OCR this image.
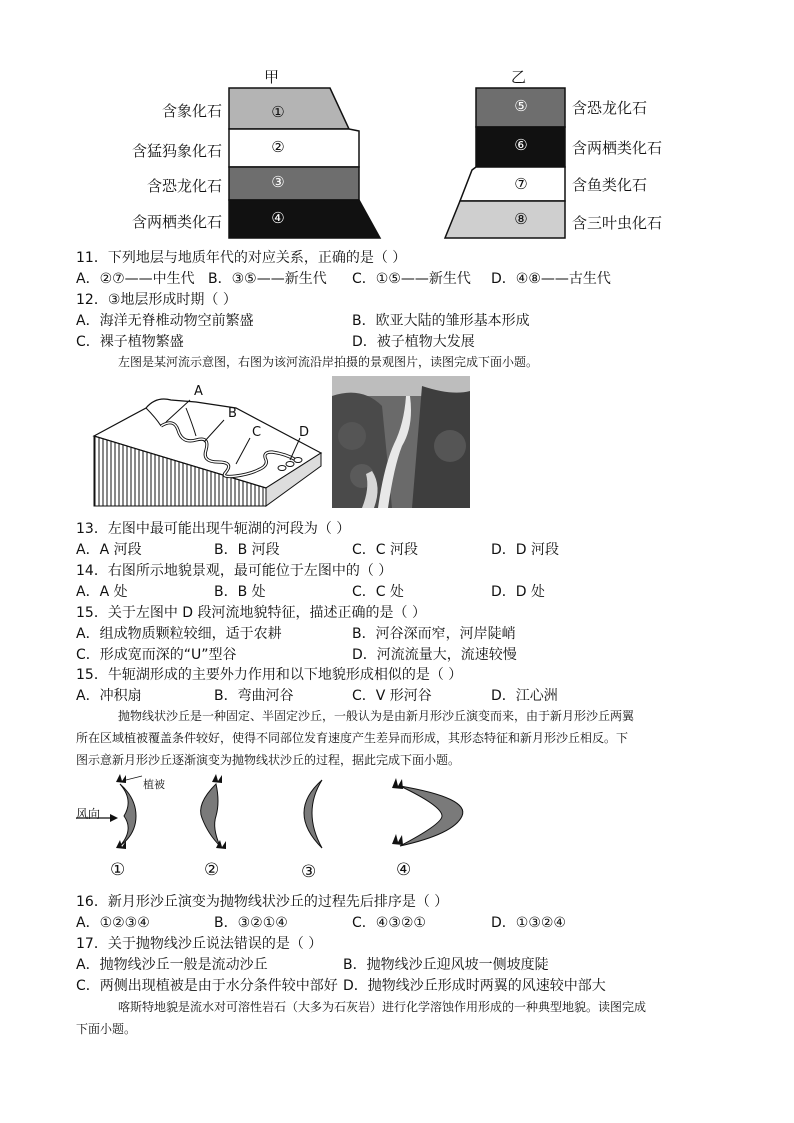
甲	乙
①
②
③
④
含象化石
含猛犸象化石
含恐龙化石
含两栖类化石
⑤
⑥
⑦
⑧
含恐龙化石
含两栖类化石
含鱼类化石
含三叶虫化石
11．下列地层与地质年代的对应关系，正确的是（ ）
A．②⑦——中生代 B．③⑤——新生代 C．①⑤——新生代 D．④⑧——古生代
12．③地层形成时期（ ）
A．海洋无脊椎动物空前繁盛	B．欧亚大陆的雏形基本形成
C．裸子植物繁盛	D．被子植物大发展
左图是某河流示意图，右图为该河流沿岸拍摄的景观图片，读图完成下面小题。
A
B
C	D
13．左图中最可能出现牛轭湖的河段为（ ）
A．A 河段	B．B 河段	C．C 河段	D．D 河段
14．右图所示地貌景观，最可能位于左图中的（ ）
A．A 处	B．B 处	C．C 处	D．D 处
15．关于左图中 D 段河流地貌特征，描述正确的是（ ）
A．组成物质颗粒较细，适于农耕	B．河谷深而窄，河岸陡峭
C．形成宽而深的“U”型谷	D．河流流量大，流速较慢
15．牛轭湖形成的主要外力作用和以下地貌形成相似的是（ ）
A．冲积扇	B．弯曲河谷	C．V 形河谷	D．江心洲
抛物线状沙丘是一种固定、半固定沙丘，一般认为是由新月形沙丘演变而来，由于新月形沙丘两翼
所在区域植被覆盖条件较好，使得不同部位发育速度产生差异而形成，其形态特征和新月形沙丘相反。下
图示意新月形沙丘逐渐演变为抛物线状沙丘的过程，据此完成下面小题。
植被
风向
①	②	③	④
16．新月形沙丘演变为抛物线状沙丘的过程先后排序是（ ）
A．①②③④	B．③②①④	C．④③②①	D．①③②④
17．关于抛物线沙丘说法错误的是（ ）
A．抛物线沙丘一般是流动沙丘	B．抛物线沙丘迎风坡一侧坡度陡
C．两侧出现植被是由于水分条件较中部好 D．抛物线沙丘形成时两翼的风速较中部大
喀斯特地貌是流水对可溶性岩石（大多为石灰岩）进行化学溶蚀作用形成的一种典型地貌。读图完成
下面小题。
